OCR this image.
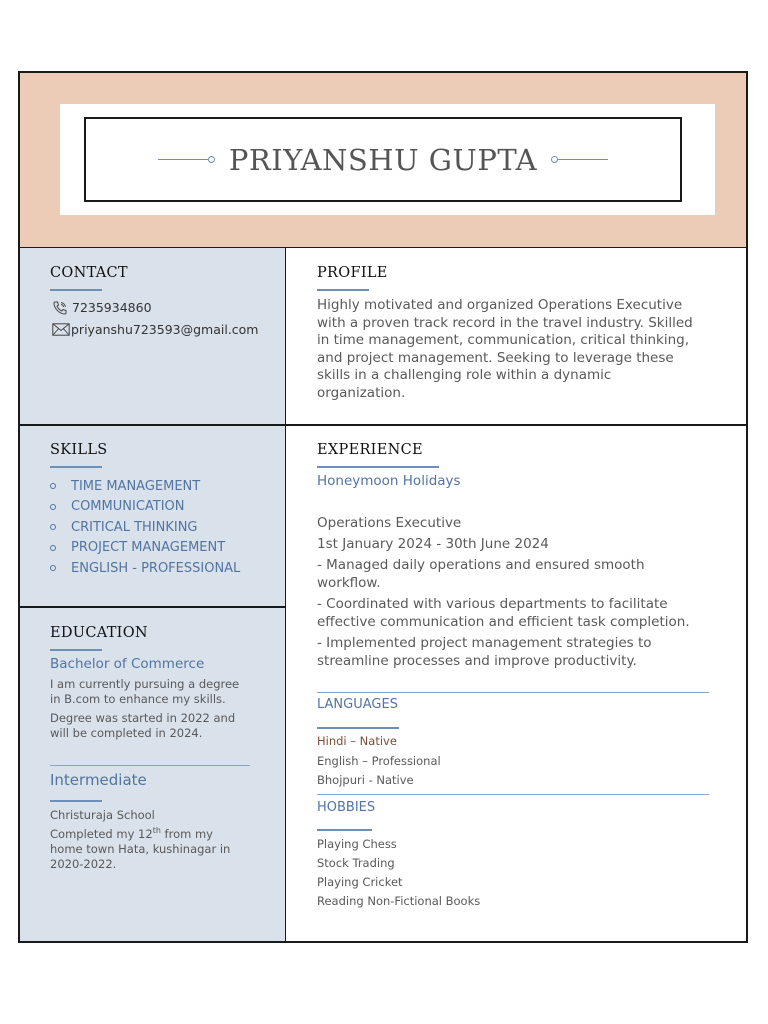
PRIYANSHU GUPTA
CONTACT
7235934860
priyanshu723593@gmail.com
PROFILE
Highly motivated and organized Operations Executive
with a proven track record in the travel industry. Skilled
in time management, communication, critical thinking,
and project management. Seeking to leverage these
skills in a challenging role within a dynamic
organization.
SKILLS
TIME MANAGEMENT
COMMUNICATION
CRITICAL THINKING
PROJECT MANAGEMENT
ENGLISH - PROFESSIONAL
EDUCATION
Bachelor of Commerce
I am currently pursuing a degree
in B.com to enhance my skills.
Degree was started in 2022 and
will be completed in 2024.
Intermediate
Christuraja School
Completed my 12th from my
home town Hata, kushinagar in
2020-2022.
EXPERIENCE
Honeymoon Holidays
Operations Executive
1st January 2024 - 30th June 2024
- Managed daily operations and ensured smooth
workflow.
- Coordinated with various departments to facilitate
effective communication and efficient task completion.
- Implemented project management strategies to
streamline processes and improve productivity.
LANGUAGES
Hindi – Native
English – Professional
Bhojpuri - Native
HOBBIES
Playing Chess
Stock Trading
Playing Cricket
Reading Non-Fictional Books
